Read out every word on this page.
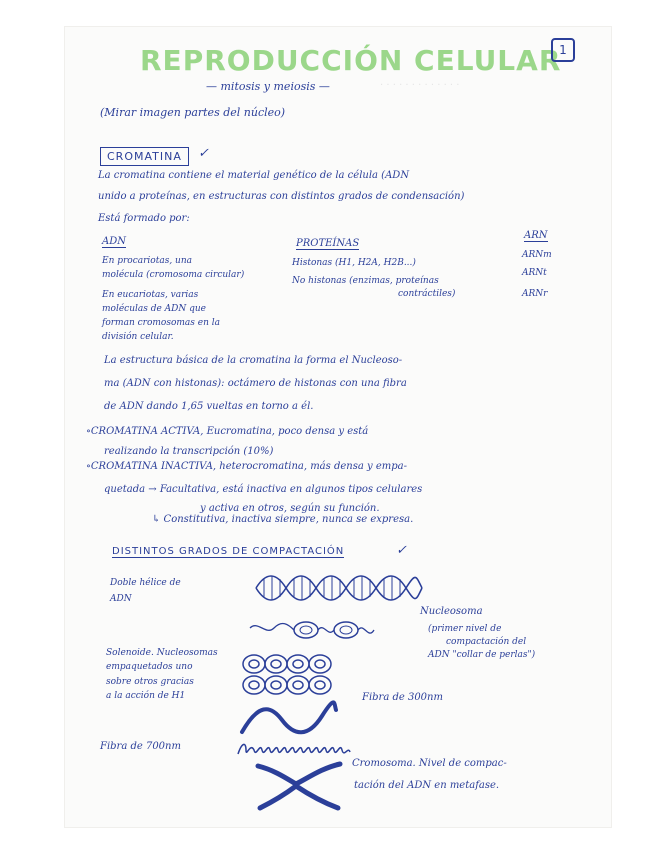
· · · · · · · · · · · · ·
REPRODUCCIÓN CELULAR
1
— mitosis y meiosis —
(Mirar imagen partes del núcleo)
CROMATINA	✓
La cromatina contiene el material genético de la célula (ADN
unido a proteínas, en estructuras con distintos grados de condensación)
Está formado por:
ADN
En procariotas, una
molécula (cromosoma circular)
En eucariotas, varias
moléculas de ADN que
forman cromosomas en la
división celular.
PROTEÍNAS
Histonas (H1, H2A, H2B...)
No histonas (enzimas, proteínas
contráctiles)
ARN
ARNm
ARNt
ARNr
La estructura básica de la cromatina la forma el Nucleoso-
ma (ADN con histonas): octámero de histonas con una fibra
de ADN dando 1,65 vueltas en torno a él.
∘CROMATINA ACTIVA, Eucromatina, poco densa y está
realizando la transcripción (10%)
∘CROMATINA INACTIVA, heterocromatina, más densa y empa-
quetada → Facultativa, está inactiva en algunos tipos celulares
y activa en otros, según su función.
↳ Constitutiva, inactiva siempre, nunca se expresa.
DISTINTOS GRADOS DE COMPACTACIÓN	✓
Doble hélice de
ADN
Nucleosoma
(primer nivel de
compactación del
ADN "collar de perlas")
Solenoide. Nucleosomas
empaquetados uno
sobre otros gracias
a la acción de H1	Fibra de 300nm
Fibra de 700nm
Cromosoma. Nivel de compac-
tación del ADN en metafase.
